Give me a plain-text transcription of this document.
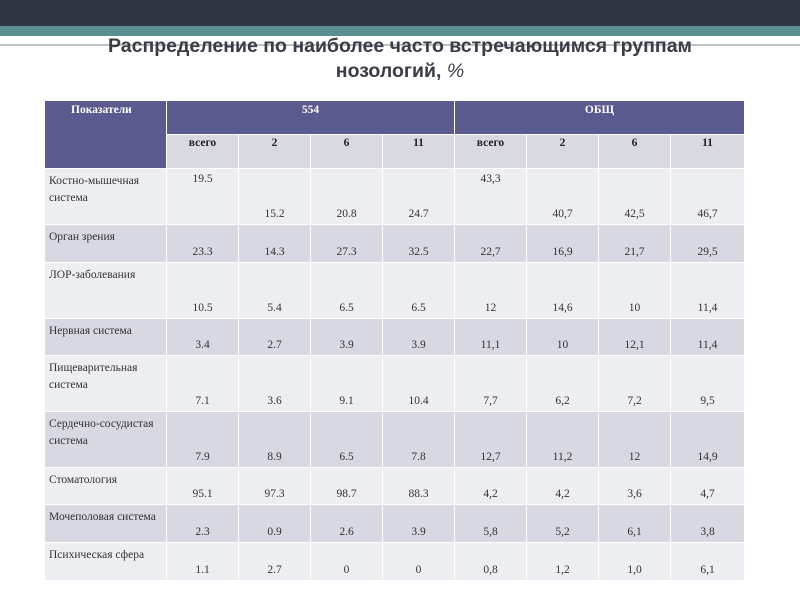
Распределение по наиболее часто встречающимся группам
нозологий, %
Показатели	554				ОБЩ			
	всего	2	6	11	всего	2	6	11
Костно-мышечная система	19.5	15.2	20.8	24.7	43,3	40,7	42,5	46,7
Орган зрения	23.3	14.3	27.3	32.5	22,7	16,9	21,7	29,5
ЛОР-заболевания	10.5	5.4	6.5	6.5	12	14,6	10	11,4
Нервная система	3.4	2.7	3.9	3.9	11,1	10	12,1	11,4
Пищеварительная система	7.1	3.6	9.1	10.4	7,7	6,2	7,2	9,5
Сердечно-сосудистая система	7.9	8.9	6.5	7.8	12,7	11,2	12	14,9
Стоматология	95.1	97.3	98.7	88.3	4,2	4,2	3,6	4,7
Мочеполовая система	2.3	0.9	2.6	3.9	5,8	5,2	6,1	3,8
Психическая сфера	1.1	2.7	0	0	0,8	1,2	1,0	6,1
